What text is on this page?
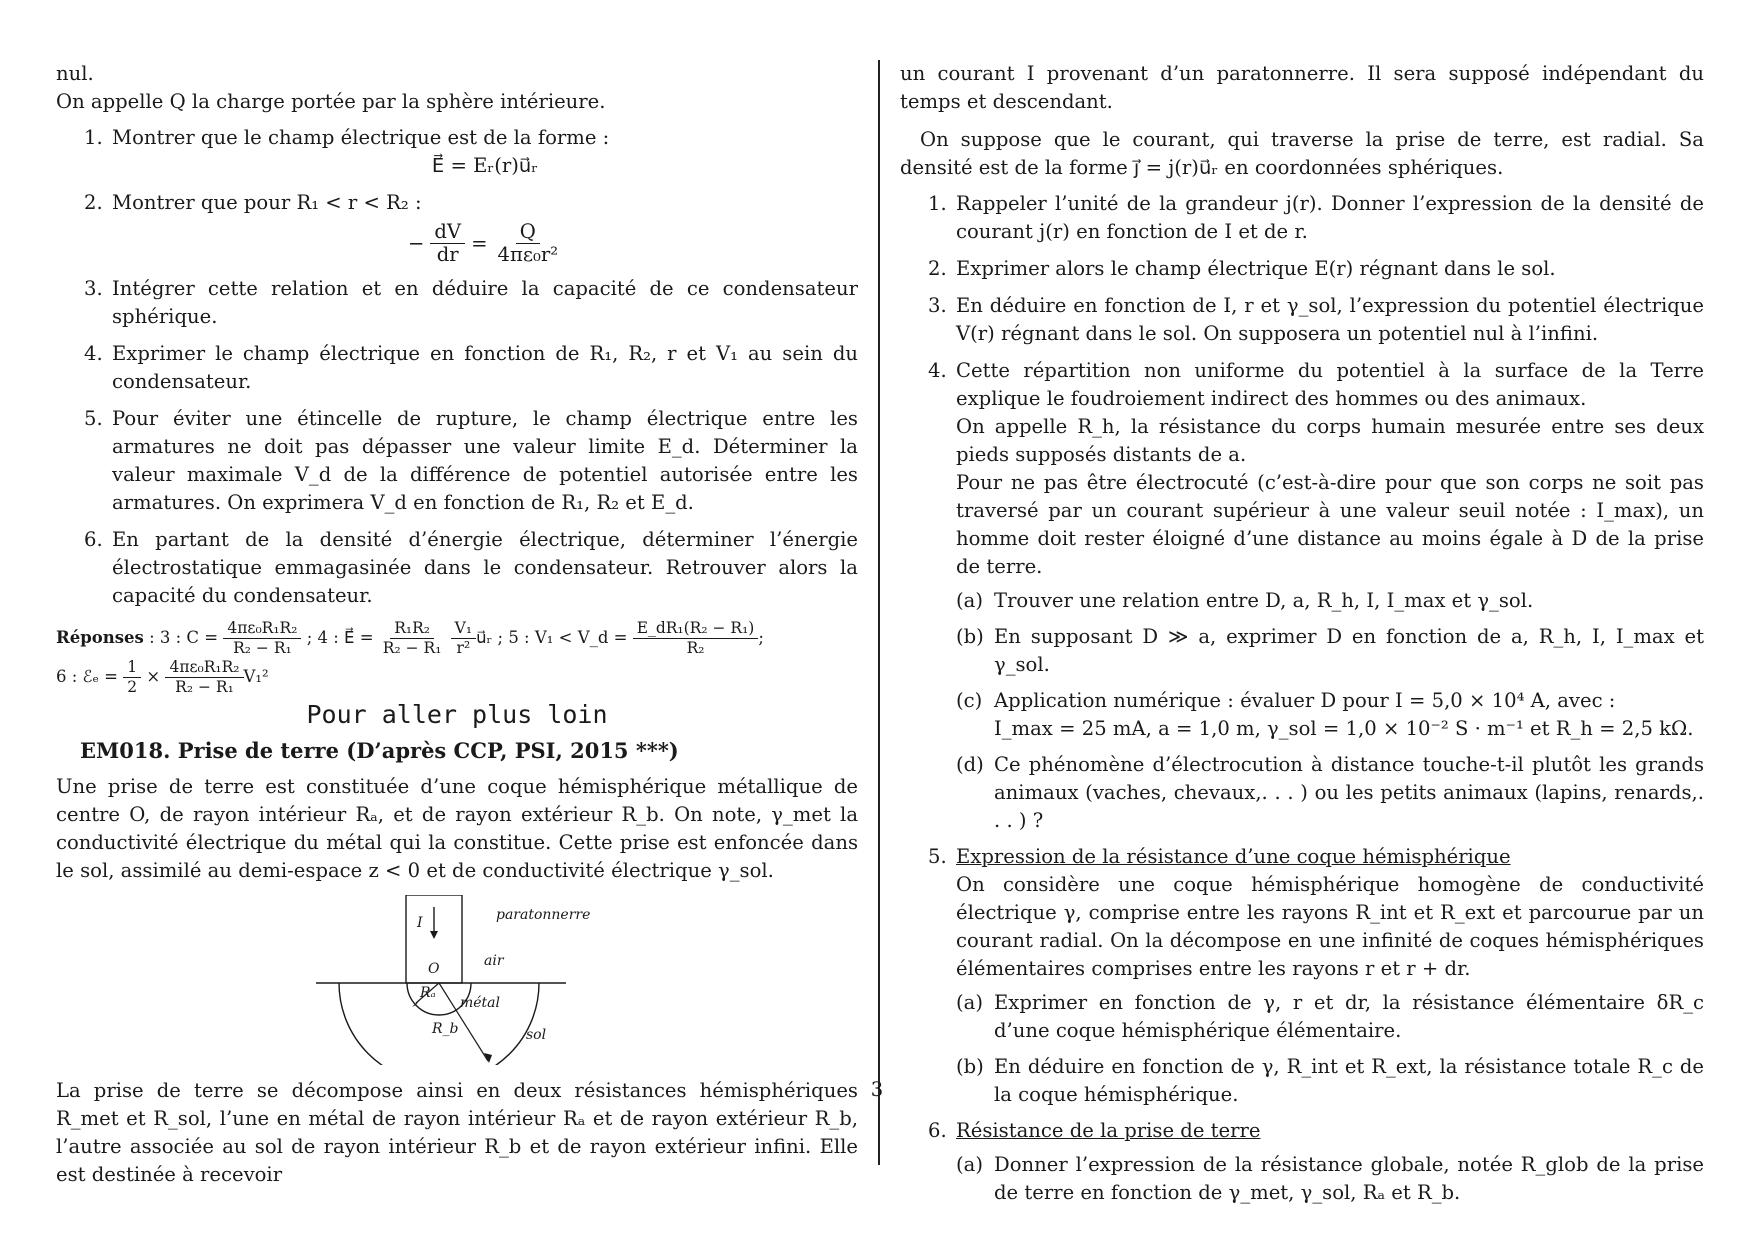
nul.

On appelle Q la charge portée par la sphère intérieure.

1. Montrer que le champ électrique est de la forme :
E⃗ = Eᵣ(r)u⃗ᵣ
2. Montrer que pour R₁ < r < R₂ :
− $\frac{dV}{dr} = \frac{Q}{\text{4πε₀r²}}$
3. Intégrer cette relation et en déduire la capacité de ce condensateur sphérique.
4. Exprimer le champ électrique en fonction de R₁, R₂, r et V₁ au sein du condensateur.
5. Pour éviter une étincelle de rupture, le champ électrique entre les armatures ne doit pas dépasser une valeur limite E_d. Déterminer la valeur maximale V_d de la différence de potentiel autorisée entre les armatures. On exprimera V_d en fonction de R₁, R₂ et E_d.
6. En partant de la densité d’énergie électrique, déterminer l’énergie électrostatique emmagasinée dans le condensateur. Retrouver alors la capacité du condensateur.
Réponses : 3 : $C = \frac{\text{4πε₀R₁R₂}}{\text{R₂ − R₁}}$ ; 4 : E⃗ = $\frac{\text{R₁R₂}}{\text{R₂ − R₁}}$
$\frac{\text{V₁}}{\text{r²}}$ u⃗ᵣ ; 5 : V₁ < V_d = $\frac{\text{E\_dR₁(R₂ − R₁)}}{\text{R₂}}$ ;
6 : ℰₑ = $\frac{1}{2} \times \frac{\text{4πε₀R₁R₂}}{\text{R₂ − R₁}} V_1^2$
Pour aller plus loin
EM018. Prise de terre (D’après CCP, PSI, 2015 ***)

Une prise de terre est constituée d’une coque hémisphérique métallique de centre O, de rayon intérieur Rₐ, et de rayon extérieur R_b. On note, γ_met la conductivité électrique du métal qui la constitue. Cette prise est enfoncée dans le sol, assimilé au demi-espace z < 0 et de conductivité électrique γ_sol.

I	paratonnerre
O	air
Rₐ
métal
R_b	sol

La prise de terre se décompose ainsi en deux résistances hémisphériques R_met et R_sol, l’une en métal de rayon intérieur Rₐ et de rayon extérieur R_b, l’autre associée au sol de rayon intérieur R_b et de rayon extérieur infini. Elle est destinée à recevoir

un courant I provenant d’un paratonnerre. Il sera supposé indépendant du temps et descendant.

On suppose que le courant, qui traverse la prise de terre, est radial. Sa densité est de la forme j⃗ = j(r)u⃗ᵣ en coordonnées sphériques.

1. Rappeler l’unité de la grandeur j(r). Donner l’expression de la densité de courant j(r) en fonction de I et de r.
2. Exprimer alors le champ électrique E(r) régnant dans le sol.
3. En déduire en fonction de I, r et γ_sol, l’expression du potentiel électrique V(r) régnant dans le sol. On supposera un potentiel nul à l’infini.
4. Cette répartition non uniforme du potentiel à la surface de la Terre explique le foudroiement indirect des hommes ou des animaux.
On appelle R_h, la résistance du corps humain mesurée entre ses deux pieds supposés distants de a.
Pour ne pas être électrocuté (c’est-à-dire pour que son corps ne soit pas traversé par un courant supérieur à une valeur seuil notée : I_max), un homme doit rester éloigné d’une distance au moins égale à D de la prise de terre.
(a) Trouver une relation entre D, a, R_h, I, I_max et γ_sol.
(b) En supposant D ≫ a, exprimer D en fonction de a, R_h, I, I_max et γ_sol.
(c) Application numérique : évaluer D pour I = 5,0 × 10⁴ A, avec :
I_max = 25 mA, a = 1,0 m, γ_sol = 1,0 × 10⁻² S · m⁻¹ et R_h = 2,5 kΩ.
(d) Ce phénomène d’électrocution à distance touche-t-il plutôt les grands animaux (vaches, chevaux,. . . ) ou les petits animaux (lapins, renards,. . . ) ?
5. Expression de la résistance d’une coque hémisphérique
On considère une coque hémisphérique homogène de conductivité électrique γ, comprise entre les rayons R_int et R_ext et parcourue par un courant radial. On la décompose en une infinité de coques hémisphériques élémentaires comprises entre les rayons r et r + dr.
(a) Exprimer en fonction de γ, r et dr, la résistance élémentaire δR_c d’une coque hémisphérique élémentaire.
(b) En déduire en fonction de γ, R_int et R_ext, la résistance totale R_c de la coque hémisphérique.
6. Résistance de la prise de terre
(a) Donner l’expression de la résistance globale, notée R_glob de la prise de terre en fonction de γ_met, γ_sol, Rₐ et R_b.
3
